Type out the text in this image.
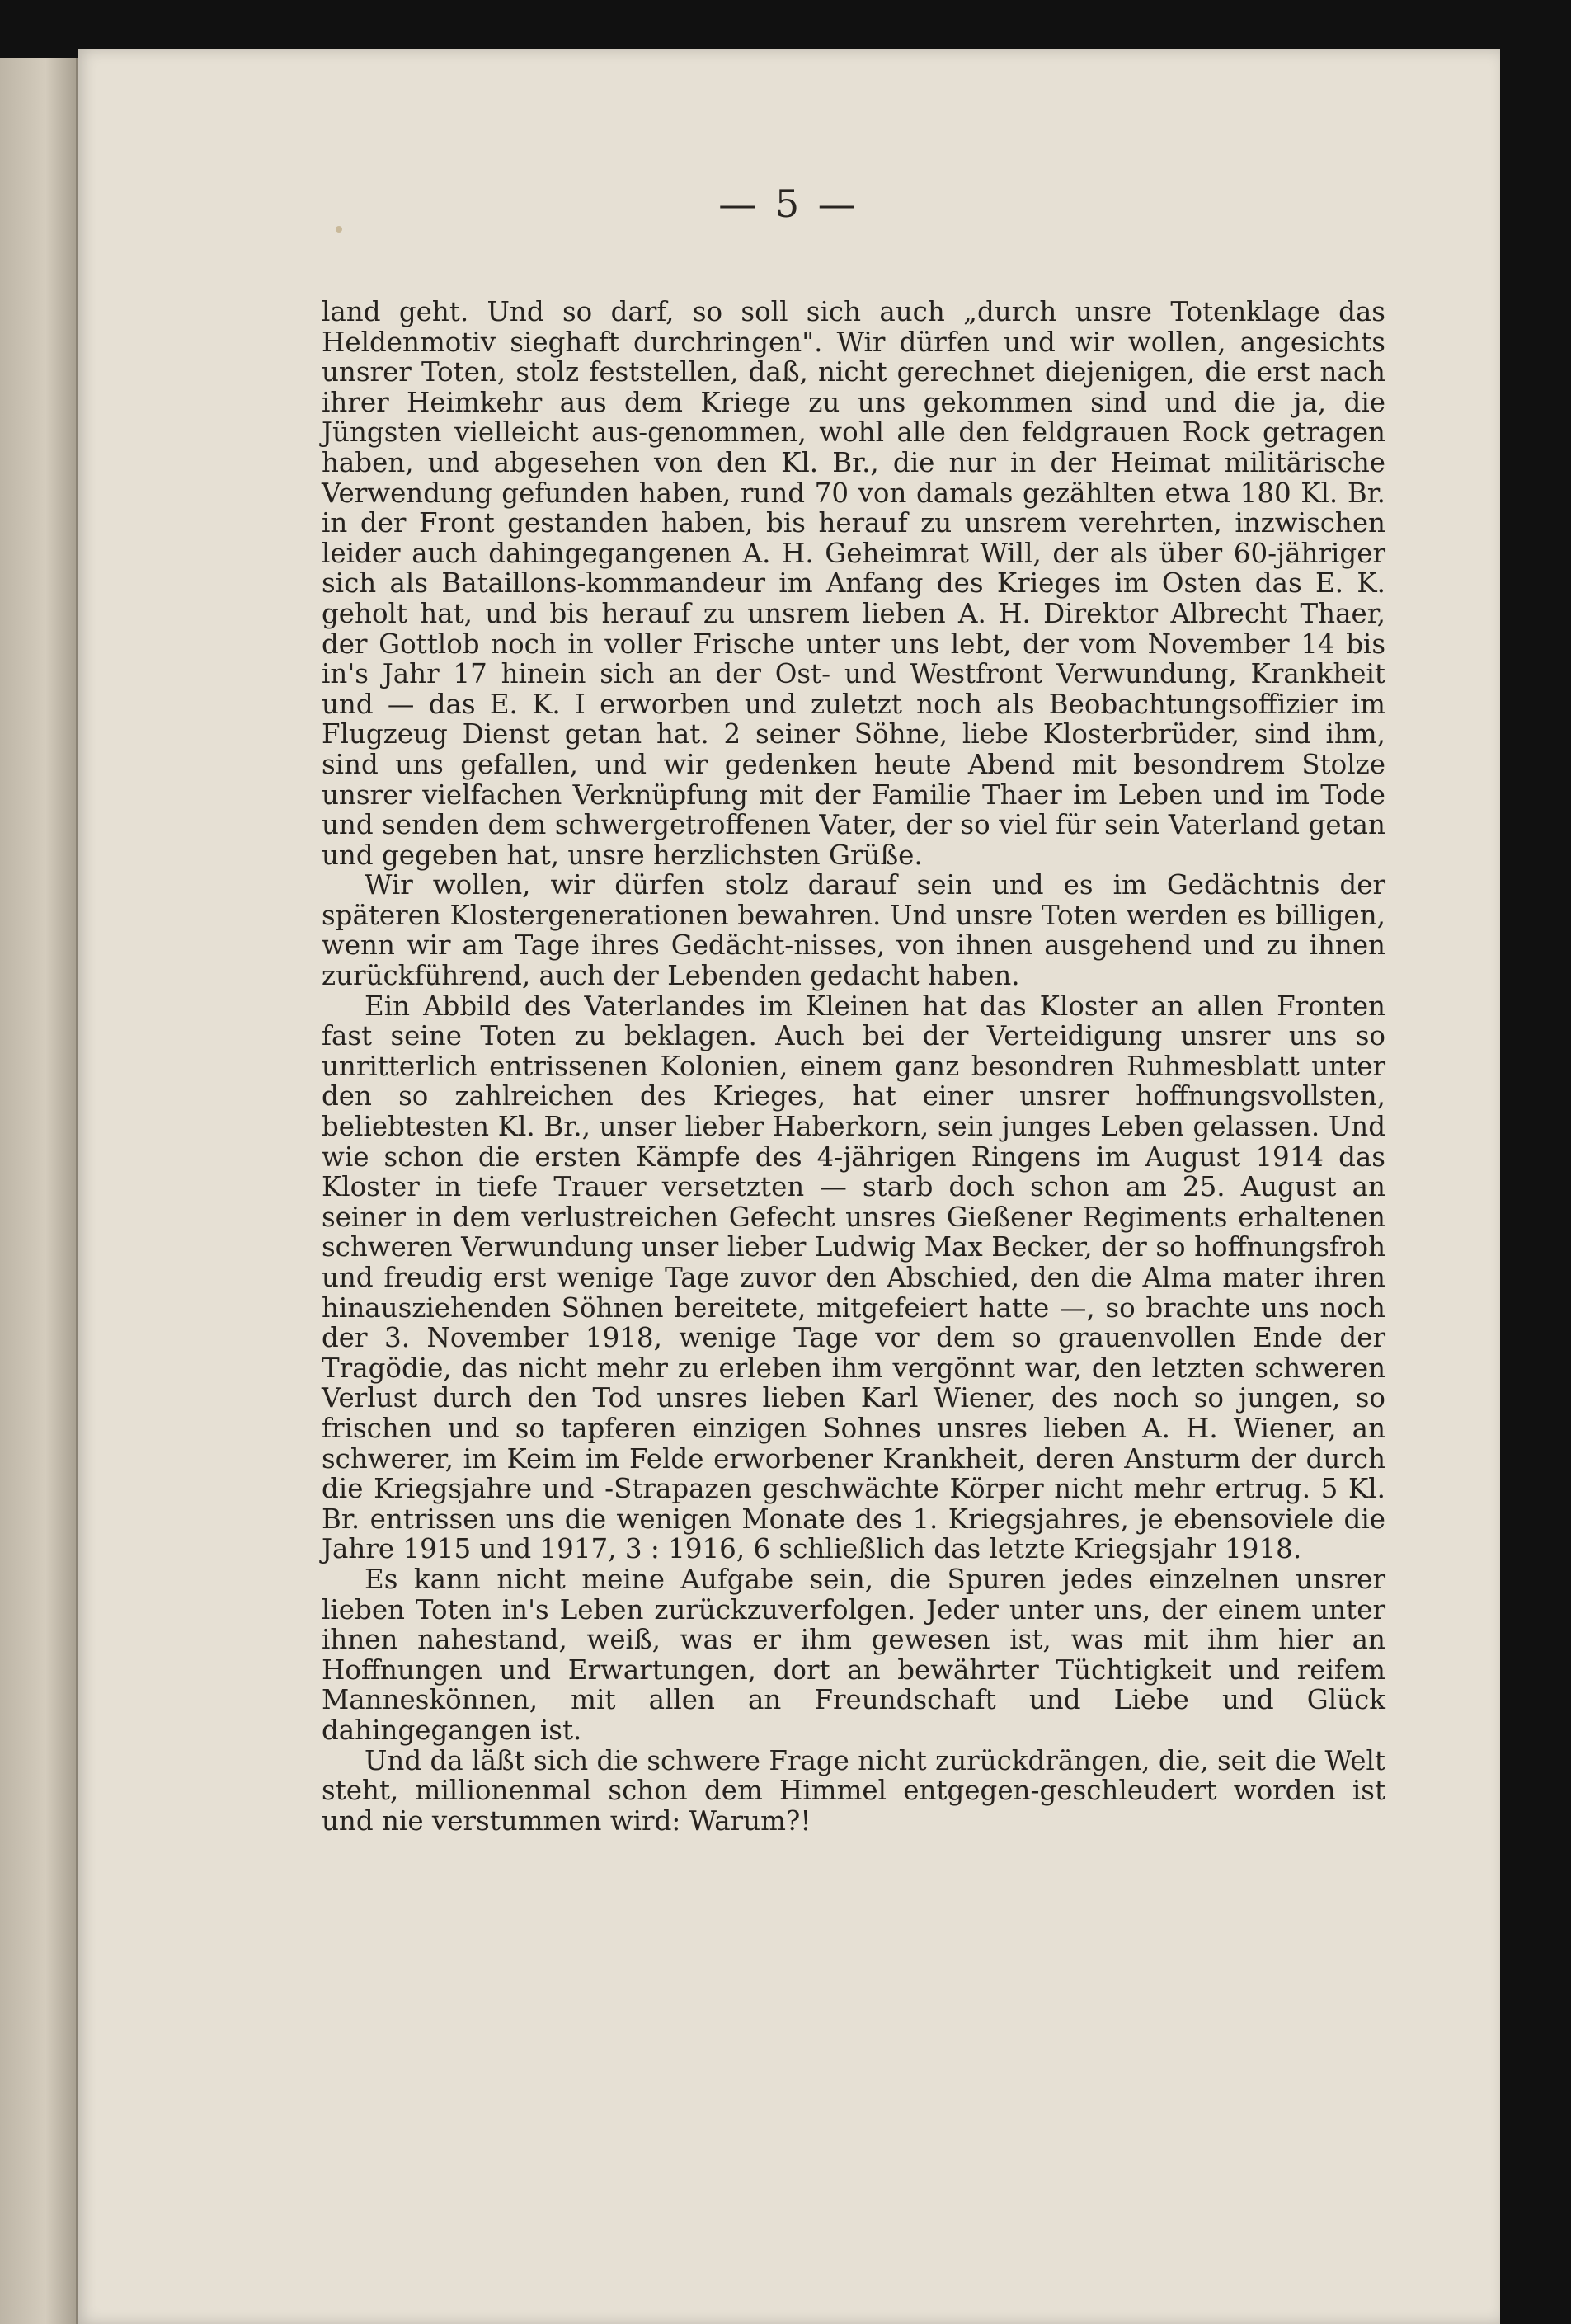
— 5 —

land geht. Und so darf, so soll sich auch „durch unsre Totenklage das Heldenmotiv sieghaft durchringen". Wir dürfen und wir wollen, angesichts unsrer Toten, stolz feststellen, daß, nicht gerechnet diejenigen, die erst nach ihrer Heimkehr aus dem Kriege zu uns gekommen sind und die ja, die Jüngsten vielleicht aus-genommen, wohl alle den feldgrauen Rock getragen haben, und abgesehen von den Kl. Br., die nur in der Heimat militärische Verwendung gefunden haben, rund 70 von damals gezählten etwa 180 Kl. Br. in der Front gestanden haben, bis herauf zu unsrem verehrten, inzwischen leider auch dahingegangenen A. H. Geheimrat Will, der als über 60-jähriger sich als Bataillons-kommandeur im Anfang des Krieges im Osten das E. K. geholt hat, und bis herauf zu unsrem lieben A. H. Direktor Albrecht Thaer, der Gottlob noch in voller Frische unter uns lebt, der vom November 14 bis in's Jahr 17 hinein sich an der Ost- und Westfront Verwundung, Krankheit und — das E. K. I erworben und zuletzt noch als Beobachtungsoffizier im Flugzeug Dienst getan hat. 2 seiner Söhne, liebe Klosterbrüder, sind ihm, sind uns gefallen, und wir gedenken heute Abend mit besondrem Stolze unsrer vielfachen Verknüpfung mit der Familie Thaer im Leben und im Tode und senden dem schwergetroffenen Vater, der so viel für sein Vaterland getan und gegeben hat, unsre herzlichsten Grüße.

Wir wollen, wir dürfen stolz darauf sein und es im Gedächtnis der späteren Klostergenerationen bewahren. Und unsre Toten werden es billigen, wenn wir am Tage ihres Gedächt-nisses, von ihnen ausgehend und zu ihnen zurückführend, auch der Lebenden gedacht haben.

Ein Abbild des Vaterlandes im Kleinen hat das Kloster an allen Fronten fast seine Toten zu beklagen. Auch bei der Verteidigung unsrer uns so unritterlich entrissenen Kolonien, einem ganz besondren Ruhmesblatt unter den so zahlreichen des Krieges, hat einer unsrer hoffnungsvollsten, beliebtesten Kl. Br., unser lieber Haberkorn, sein junges Leben gelassen. Und wie schon die ersten Kämpfe des 4-jährigen Ringens im August 1914 das Kloster in tiefe Trauer versetzten — starb doch schon am 25. August an seiner in dem verlustreichen Gefecht unsres Gießener Regiments erhaltenen schweren Verwundung unser lieber Ludwig Max Becker, der so hoffnungsfroh und freudig erst wenige Tage zuvor den Abschied, den die Alma mater ihren hinausziehenden Söhnen bereitete, mitgefeiert hatte —, so brachte uns noch der 3. November 1918, wenige Tage vor dem so grauenvollen Ende der Tragödie, das nicht mehr zu erleben ihm vergönnt war, den letzten schweren Verlust durch den Tod unsres lieben Karl Wiener, des noch so jungen, so frischen und so tapferen einzigen Sohnes unsres lieben A. H. Wiener, an schwerer, im Keim im Felde erworbener Krankheit, deren Ansturm der durch die Kriegsjahre und -Strapazen geschwächte Körper nicht mehr ertrug. 5 Kl. Br. entrissen uns die wenigen Monate des 1. Kriegsjahres, je ebensoviele die Jahre 1915 und 1917, 3 : 1916, 6 schließlich das letzte Kriegsjahr 1918.

Es kann nicht meine Aufgabe sein, die Spuren jedes einzelnen unsrer lieben Toten in's Leben zurückzuverfolgen. Jeder unter uns, der einem unter ihnen nahestand, weiß, was er ihm gewesen ist, was mit ihm hier an Hoffnungen und Erwartungen, dort an bewährter Tüchtigkeit und reifem Manneskönnen, mit allen an Freundschaft und Liebe und Glück dahingegangen ist.

Und da läßt sich die schwere Frage nicht zurückdrängen, die, seit die Welt steht, millionenmal schon dem Himmel entgegen-geschleudert worden ist und nie verstummen wird: Warum?!
